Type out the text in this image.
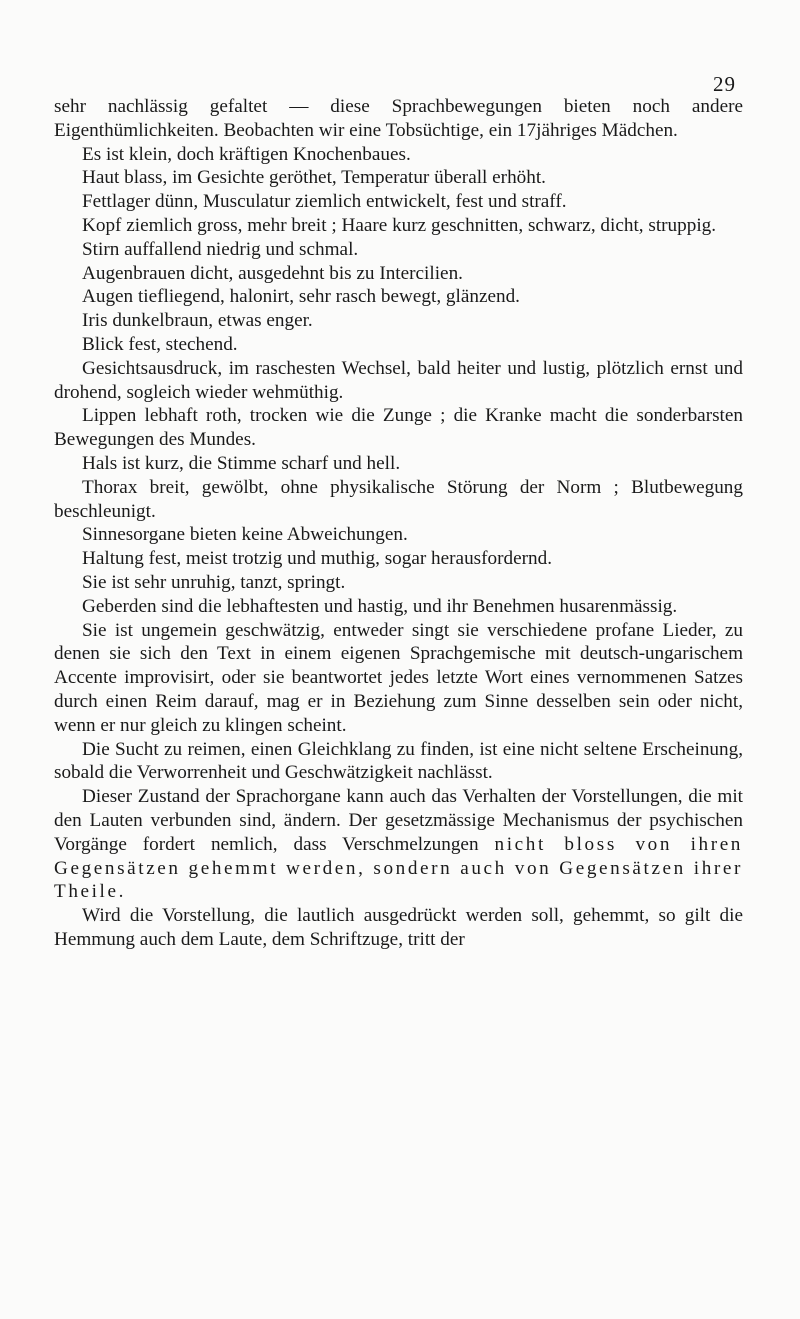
29

sehr nachlässig gefaltet — diese Sprachbewegungen bieten noch andere Eigenthümlichkeiten. Beobachten wir eine Tobsüchtige, ein 17jähriges Mädchen.

Es ist klein, doch kräftigen Knochenbaues.

Haut blass, im Gesichte geröthet, Temperatur überall erhöht.

Fettlager dünn, Musculatur ziemlich entwickelt, fest und straff.

Kopf ziemlich gross, mehr breit ; Haare kurz geschnitten, schwarz, dicht, struppig.

Stirn auffallend niedrig und schmal.

Augenbrauen dicht, ausgedehnt bis zu Intercilien.

Augen tiefliegend, halonirt, sehr rasch bewegt, glänzend.

Iris dunkelbraun, etwas enger.

Blick fest, stechend.

Gesichtsausdruck, im raschesten Wechsel, bald heiter und lustig, plötzlich ernst und drohend, sogleich wieder wehmüthig.

Lippen lebhaft roth, trocken wie die Zunge ; die Kranke macht die sonderbarsten Bewegungen des Mundes.

Hals ist kurz, die Stimme scharf und hell.

Thorax breit, gewölbt, ohne physikalische Störung der Norm ; Blutbewegung beschleunigt.

Sinnesorgane bieten keine Abweichungen.

Haltung fest, meist trotzig und muthig, sogar herausfordernd.

Sie ist sehr unruhig, tanzt, springt.

Geberden sind die lebhaftesten und hastig, und ihr Benehmen husarenmässig.

Sie ist ungemein geschwätzig, entweder singt sie verschiedene profane Lieder, zu denen sie sich den Text in einem eigenen Sprachgemische mit deutsch-ungarischem Accente improvisirt, oder sie beantwortet jedes letzte Wort eines vernommenen Satzes durch einen Reim darauf, mag er in Beziehung zum Sinne desselben sein oder nicht, wenn er nur gleich zu klingen scheint.

Die Sucht zu reimen, einen Gleichklang zu finden, ist eine nicht seltene Erscheinung, sobald die Verworrenheit und Geschwätzigkeit nachlässt.

Dieser Zustand der Sprachorgane kann auch das Verhalten der Vorstellungen, die mit den Lauten verbunden sind, ändern. Der gesetzmässige Mechanismus der psychischen Vorgänge fordert nemlich, dass Verschmelzungen nicht bloss von ihren Gegensätzen gehemmt werden, sondern auch von Gegensätzen ihrer Theile.

Wird die Vorstellung, die lautlich ausgedrückt werden soll, gehemmt, so gilt die Hemmung auch dem Laute, dem Schriftzuge, tritt der
